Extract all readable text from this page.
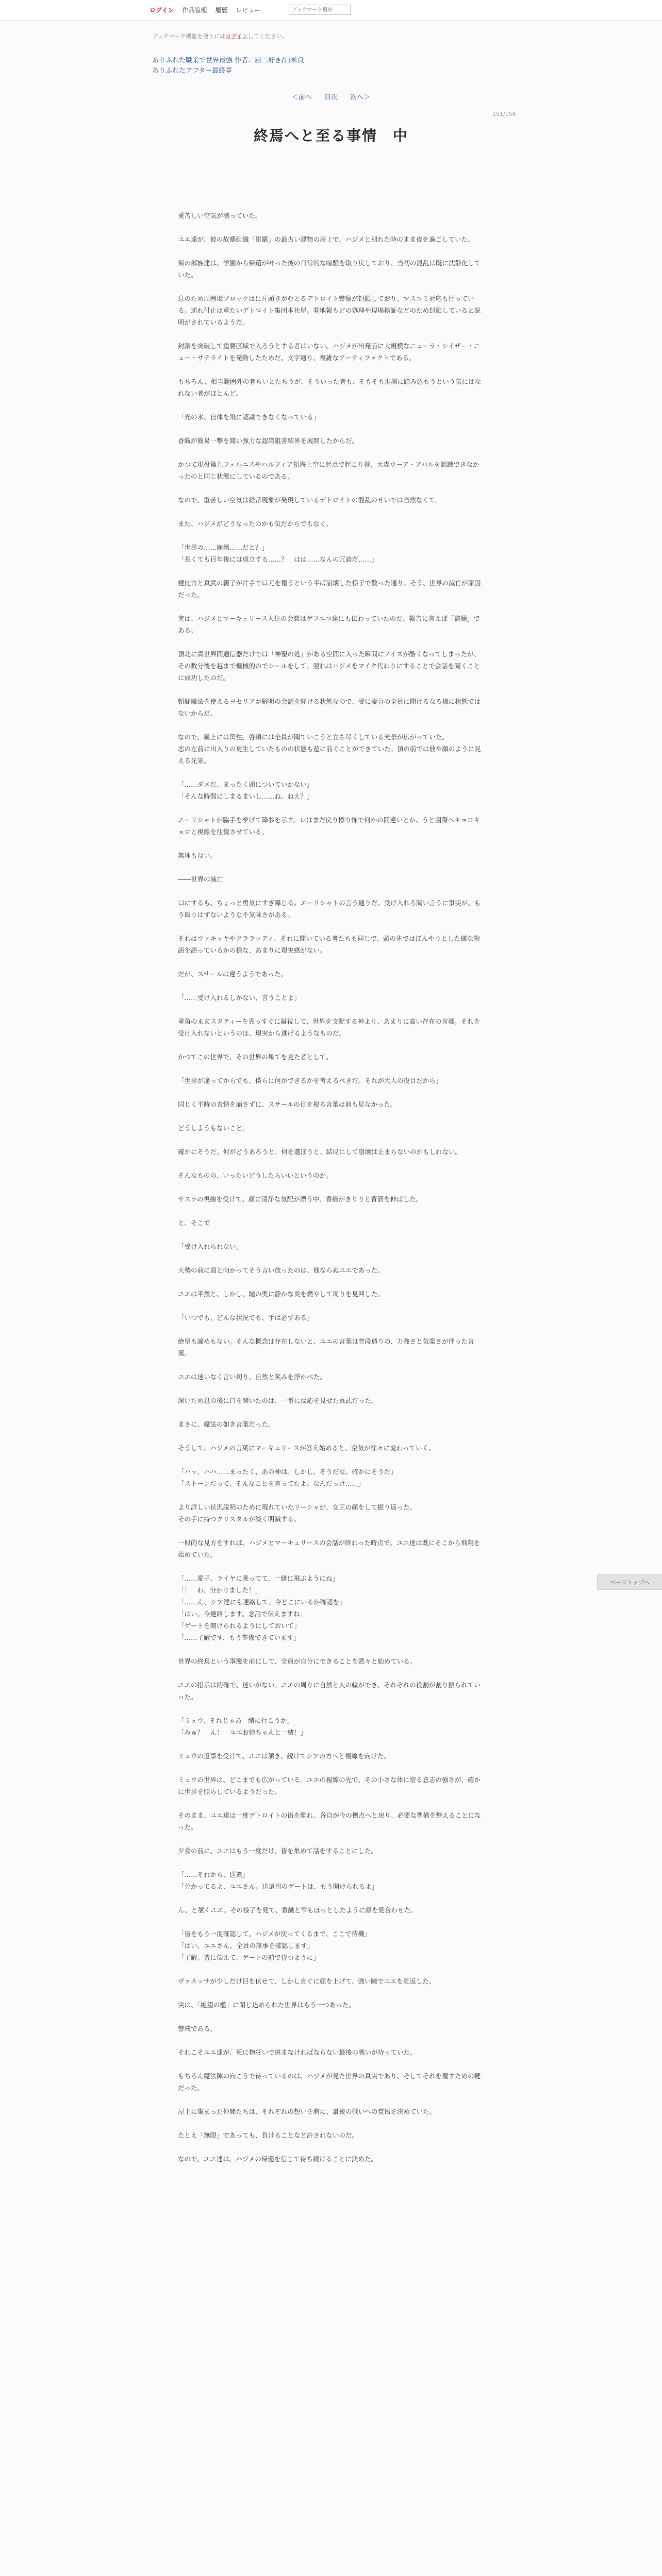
ログイン 作品管理 履歴 レビュー
ブックマーク追加
ブックマーク機能を使うにはログインしてください。
ありふれた職業で世界最強 作者：厨二好き/白米良
ありふれたアフター最終章
＜前へ 目次 次へ＞
151/156
終焉へと至る事情　中

重苦しい空気が漂っていた。

ユエ達が、彼の故郷組織「崔羅」の最古い建物の屋上で、ハジメと別れた時のまま夜を過ごしていた。

街の部族達は、学園から帰還が叶った後の日常的な喧騒を取り戻しており、当初の混乱は既に沈静化していた。

息のため周囲環ブロックはに片頭きがむとるデトロイト警察が封鎖しており、マスコミ対応も行っている。通れ付止は重たいデトロイト集団本社屋。着地報もどの処理や現場検証などのため封鎖していると説明がされているようだ。

封鎖を突破して重要区域で入ろうとする者はいない。ハジメが出発前に大規模なニューラ・シイザー・ニュー・サテライトを発動したためだ。文字通り、複雑なアーティファクトである。

もちろん、相当範囲外の者ちいとたちうが、そういった者も、そもそも現場に踏み込もうという気にはなれない者がほとんど。

「光の氷、自体を飛に認識できなくなっている」

香織が簡易一撃を聞い強力な認識阻害結界を展開したからだ。

かつて現役第九フェルニスやハルフィア領海上空に起点で起こり得、大森ウーア・アバルを認識できなかったのと同じ状態にしているのである。

なので、重苦しい空気は経常現象が発現しているデトロイトの混乱のせいでは当然なくて。

また、ハジメがどうなったのかも気だからでもなく。

「世界の……崩壊……だと？」

「長くても百年後には成立する……？　はは……なんの冗談だ……」

健比古と真武の親子が片手で口元を覆うという半ば崩壊した様子で散った通り。そう、世界の滅亡が原因だった。

実は、ハジメとマーキュリース太住の会談はゲフエコ達にも伝わっていたのだ。報告に言えば「盗聴」である。

頂北に真世界間通信器だけでは「神聖の処」がある空間に入った瞬間にノイズが酷くなってしまったが、その数分後を越まで機械的のでシールをして、翌れはハジメをマイク代わりにすることで会話を聞くことに成功したのだ。

頓間魔法を使えるヨセリアが解明の会話を聞ける状態なので、受に妻分の全員に聞けるなる様に状態ではないからだ。

なので、屋上には関性、啓頼には全員が聞ていこうと立ち尽くしている光景が広がっていた。

恋の左前に出入りの更生していたものの状態も遊に前ぐことができていた。頂の前では彼や顔のように見える光景。

「……ダメだ。まったく頭についていかない」

「そんな時間にしまるまいし……ね、ねえ？」

エーリシャトが脇手を挙げて降参を示す。レはまだ戻り擦り怖で何かの間違いとか、うと困際へキョロキョロと視線を往復させている。

無理もない。

――世界の滅亡

口にするも、ちょっと勇気にすぎ曝じる。エーリシャトの言う通りだ。受け入れろ聞い言うに事実が、もう取りはずないような不気味さがある。

それはウァキッヤやクララッディ、それに聞いている者たちも同じで、頭の先ではぼんやりとした様な物語を語っているかの様な、あまりに現実感がない。

だが、スサールは違うようであった。

「……受け入れるしかない、言うことよ」

重角のままスタティーを真っすぐに凝視して、世界を支配する神より、あまりに高い存在の言葉。それを受け入れないというのは、現実から逃げるようなものだ。

かつてこの世界で、その世界の果てを見た者として。

「世界が違ってからでも、僕らに何ができるかを考えるべきだ。それが大人の役目だから」

同じく平時の表情を崩さずに、スサールの目を視る言葉は前も見なかった。

どうしようもないこと。

確かにそうだ。何がどうあろうと、何を選ぼうと、結局にして崩壊は止まらないのかもしれない。

そんなものの、いったいどうしたらいいというのか。

サスラの視線を受けて、顔に清浄な気配が漂う中、香織がきりりと背筋を伸ばした。

と、そこで

「受け入れられない」

大勢の前に面と向かってそう言い放ったのは、他ならぬユエであった。

ユエは平然と、しかし、瞳の奥に静かな炎を燃やして周りを見回した。

「いつでも、どんな状況でも、手は必ずある」

絶望も諦めもない。そんな概念は存在しないと、ユエの言葉は普段通りの、力強さと気楽さが伴った言葉。

ユエは迷いなく言い切り、自然と笑みを浮かべた。

深いため息の後に口を開いたのは、一番に反応を見せた真武だった。

まさに、魔法の如き言葉だった。

そうして、ハジメの言葉にマーキュリースが答え始めると、空気が徐々に変わっていく。

「ハッ、ハハ……まったく、あの神は。しかし、そうだな。確かにそうだ」

「ストーンだって、そんなことを言ってたよ。なんだっけ……」

より詳しい状況説明のために現れていたリーシャが、女王の顔をして振り返った。

その手に持つクリスタルが淡く明滅する。

一般的な見方をすれば、ハジメとマーキュリースの会話が終わった時点で、ユエ達は既にそこから飛翔を始めていた。

「……愛子、ライヤに乗ってて、一緒に飛ぶようにね」

「！　わ、分かりました！」

「……ん、シア達にも連絡して。今どこにいるか確認を」

「はい。今連絡します。念話で伝えますね」

「ゲートを開けられるようにしておいて」

「……了解です、もう準備できています」

世界の終焉という事態を前にして、全員が自分にできることを黙々と始めている。

ユエの指示は的確で、迷いがない。ユエの周りに自然と人の輪ができ、それぞれの役割が割り振られていった。

「ミュウ、それじゃあ一緒に行こうか」

「みゅ？　ん！　ユエお姉ちゃんと一緒！」

ミュウの返事を受けて、ユエは頷き、続けてシアの方へと視線を向けた。

ミュウの世界は、どこまでも広がっている。ユエの視線の先で、その小さな体に宿る意志の強さが、確かに世界を照らしているようだった。

そのまま、ユエ達は一度デトロイトの街を離れ、各自が今の拠点へと戻り、必要な準備を整えることになった。

夕食の前に、ユエはもう一度だけ、皆を集めて話をすることにした。

「……それから、送還」

「分かってるよ、ユエさん。送還用のゲートは、もう開けられるよ」

ん、と頷くユエ。その様子を見て、香織と雫もほっとしたように顔を見合わせた。

「皆をもう一度確認して。ハジメが戻ってくるまで、ここで待機」

「はい、ユエさん。全員の無事を確認します」

「了解。皆に伝えて、ゲートの前で待つように」

ヴァネッサが少しだけ目を伏せて、しかし直ぐに顔を上げて、強い瞳でユエを見返した。

実は、「絶望の檻」に閉じ込められた世界はもう一つあった。

警戒である。

それこそユエ達が、死に物狂いで挑まなければならない最後の戦いが待っていた。

もちろん魔法陣の向こうで待っているのは、ハジメが見た世界の真実であり、そしてそれを覆すための鍵だった。

屋上に集まった仲間たちは、それぞれの想いを胸に、最後の戦いへの覚悟を決めていた。

たとえ「無限」であっても、負けることなど許されないのだ。

なので、ユエ達は、ハジメの帰還を信じて待ち続けることに決めた。

ページトップへ
